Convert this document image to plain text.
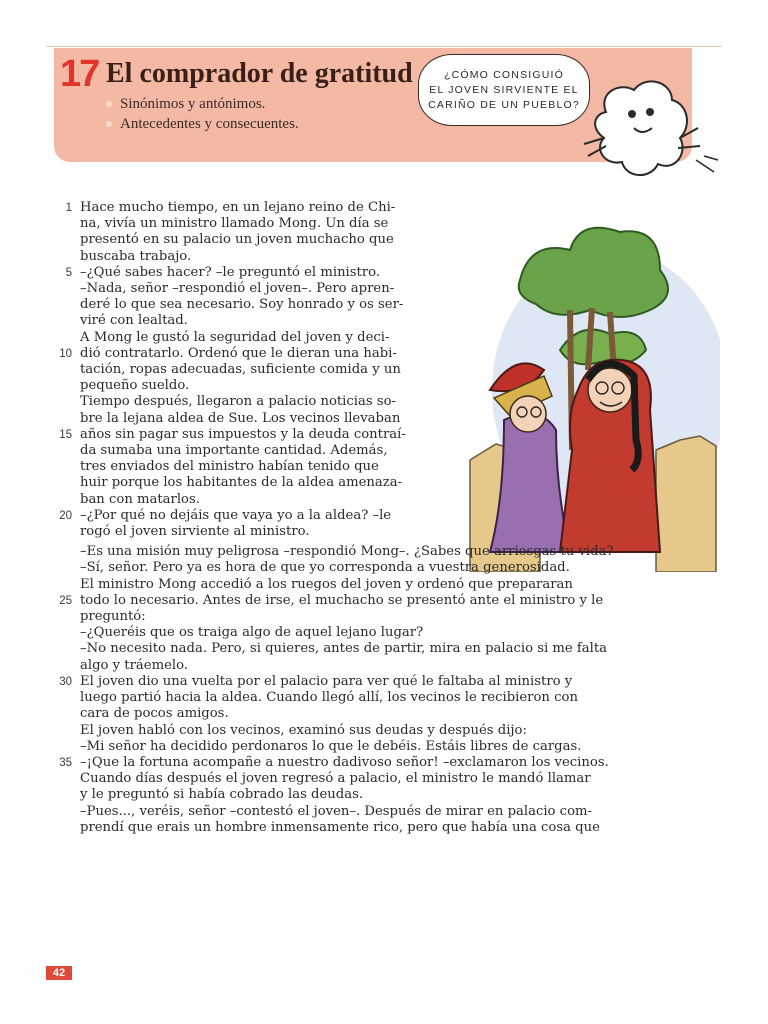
17 El comprador de gratitud
Sinónimos y antónimos.
Antecedentes y consecuentes.
¿CÓMO CONSIGUIÓ
EL JOVEN SIRVIENTE EL
CARIÑO DE UN PUEBLO?
1 Hace mucho tiempo, en un lejano reino de Chi-
na, vivía un ministro llamado Mong. Un día se
presentó en su palacio un joven muchacho que
buscaba trabajo.
5 –¿Qué sabes hacer? –le preguntó el ministro.
–Nada, señor –respondió el joven–. Pero apren-
deré lo que sea necesario. Soy honrado y os ser-
viré con lealtad.
A Mong le gustó la seguridad del joven y deci-
10 dió contratarlo. Ordenó que le dieran una habi-
tación, ropas adecuadas, suficiente comida y un
pequeño sueldo.
Tiempo después, llegaron a palacio noticias so-
bre la lejana aldea de Sue. Los vecinos llevaban
15 años sin pagar sus impuestos y la deuda contraí-
da sumaba una importante cantidad. Además,
tres enviados del ministro habían tenido que
huir porque los habitantes de la aldea amenaza-
ban con matarlos.
20 –¿Por qué no dejáis que vaya yo a la aldea? –le
rogó el joven sirviente al ministro.
–Es una misión muy peligrosa –respondió Mong–. ¿Sabes que arriesgas tu vida?
–Sí, señor. Pero ya es hora de que yo corresponda a vuestra generosidad.
El ministro Mong accedió a los ruegos del joven y ordenó que prepararan
25 todo lo necesario. Antes de irse, el muchacho se presentó ante el ministro y le
preguntó:
–¿Queréis que os traiga algo de aquel lejano lugar?
–No necesito nada. Pero, si quieres, antes de partir, mira en palacio si me falta
algo y tráemelo.
30 El joven dio una vuelta por el palacio para ver qué le faltaba al ministro y
luego partió hacia la aldea. Cuando llegó allí, los vecinos le recibieron con
cara de pocos amigos.
El joven habló con los vecinos, examinó sus deudas y después dijo:
–Mi señor ha decidido perdonaros lo que le debéis. Estáis libres de cargas.
35 –¡Que la fortuna acompañe a nuestro dadivoso señor! –exclamaron los vecinos.
Cuando días después el joven regresó a palacio, el ministro le mandó llamar
y le preguntó si había cobrado las deudas.
–Pues..., veréis, señor –contestó el joven–. Después de mirar en palacio com-
prendí que erais un hombre inmensamente rico, pero que había una cosa que
42
